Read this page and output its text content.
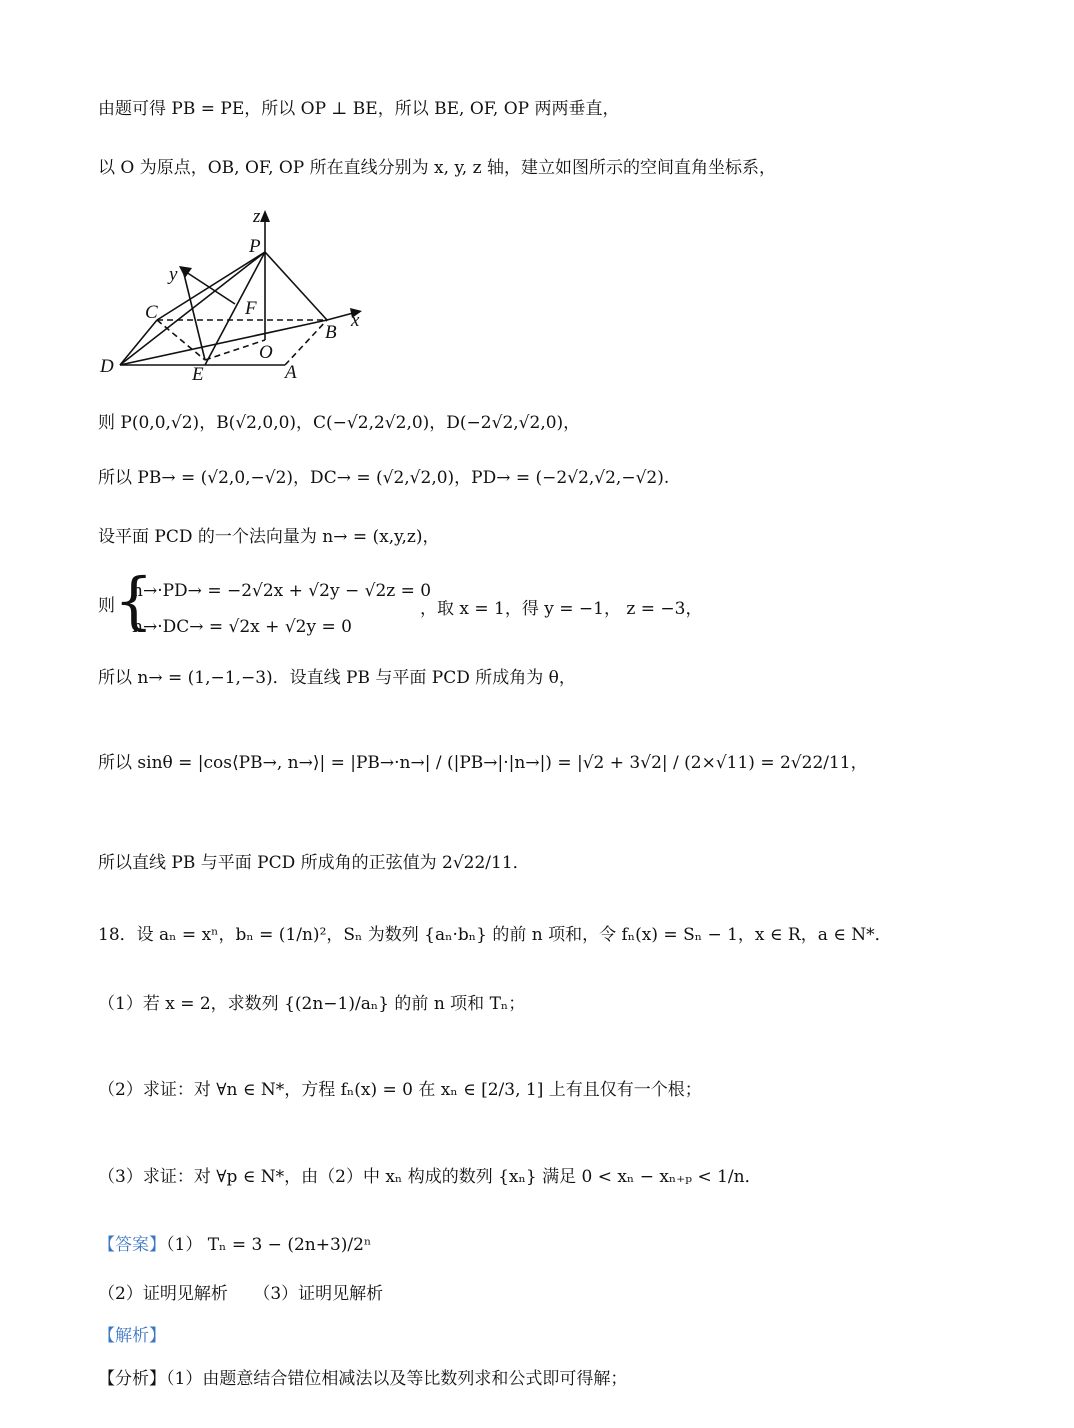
由题可得 PB = PE，所以 OP ⊥ BE，所以 BE, OF, OP 两两垂直，
以 O 为原点，OB, OF, OP 所在直线分别为 x, y, z 轴，建立如图所示的空间直角坐标系，
z
P
y
C	F
B
x
O
D	E	A
则 P(0,0,√2)，B(√2,0,0)，C(−√2,2√2,0)，D(−2√2,√2,0)，
所以 PB→ = (√2,0,−√2)，DC→ = (√2,√2,0)，PD→ = (−2√2,√2,−√2).
设平面 PCD 的一个法向量为 n→ = (x,y,z)，
则 {
n→·PD→ = −2√2x + √2y − √2z = 0
n→·DC→ = √2x + √2y = 0
，取 x = 1，得 y = −1， z = −3，
所以 n→ = (1,−1,−3)．设直线 PB 与平面 PCD 所成角为 θ，
所以 sinθ = |cos⟨PB→, n→⟩| = |PB→·n→| / (|PB→|·|n→|) = |√2 + 3√2| / (2×√11) = 2√22/11，
所以直线 PB 与平面 PCD 所成角的正弦值为 2√22/11．
18．设 aₙ = xⁿ，bₙ = (1/n)²，Sₙ 为数列 {aₙ·bₙ} 的前 n 项和，令 fₙ(x) = Sₙ − 1，x ∈ R，a ∈ N*．
（1）若 x = 2，求数列 {(2n−1)/aₙ} 的前 n 项和 Tₙ；
（2）求证：对 ∀n ∈ N*，方程 fₙ(x) = 0 在 xₙ ∈ [2/3, 1] 上有且仅有一个根；
（3）求证：对 ∀p ∈ N*，由（2）中 xₙ 构成的数列 {xₙ} 满足 0 < xₙ − xₙ₊ₚ < 1/n．
【答案】（1） Tₙ = 3 − (2n+3)/2ⁿ
（2）证明见解析　　（3）证明见解析
【解析】
【分析】（1）由题意结合错位相减法以及等比数列求和公式即可得解；
